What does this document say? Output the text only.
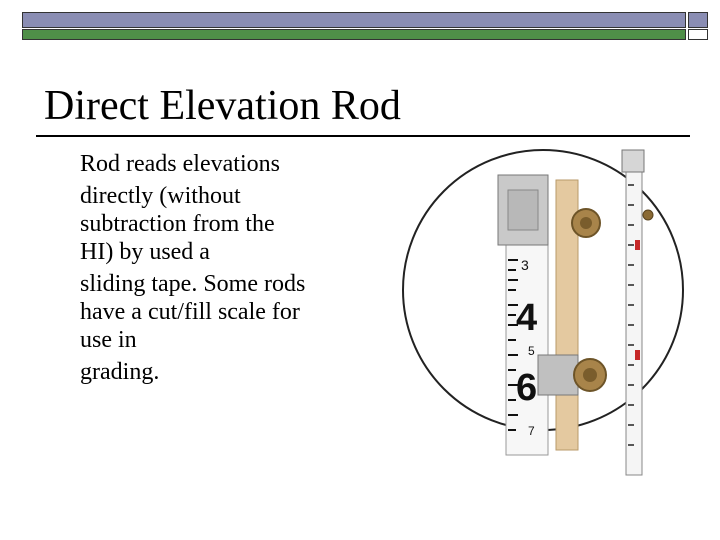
Direct Elevation Rod
Rod reads elevations
directly (without
subtraction from the
HI) by used a
sliding tape. Some rods
have a cut/fill scale for
use in
grading.
3
4
5
6
7
